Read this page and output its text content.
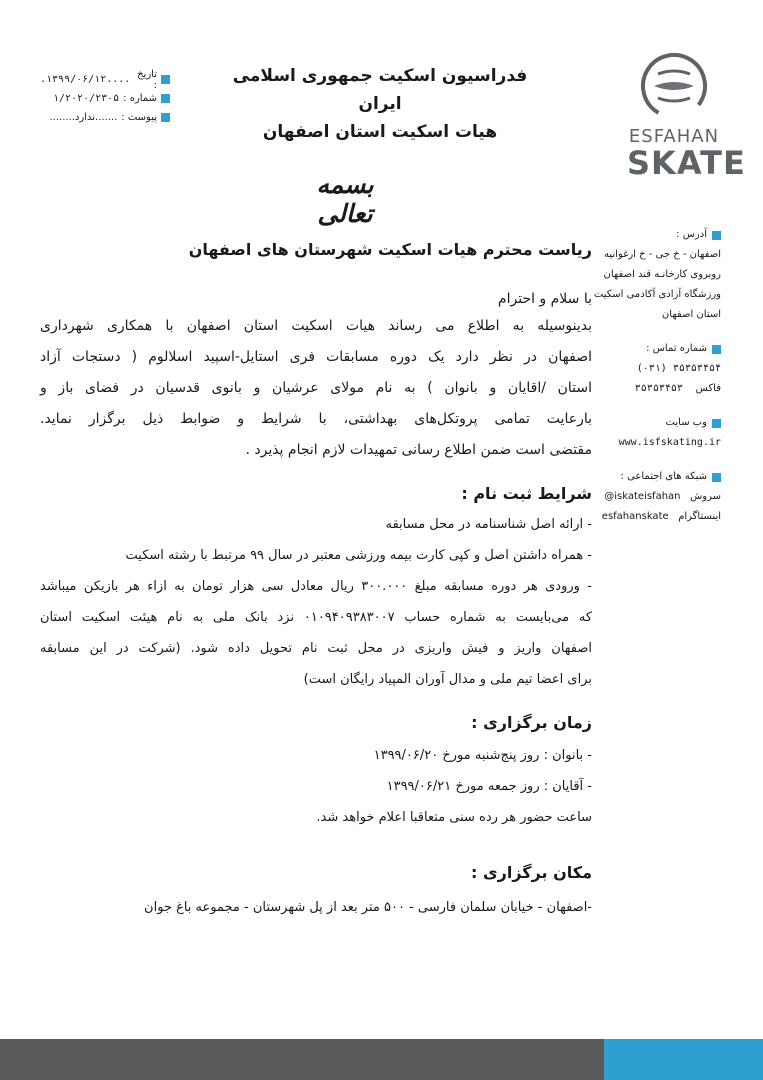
ESFAHAN
SKATE
فدراسیون اسکیت جمهوری اسلامی ایران
هیات اسکیت استان اصفهان
تاریخ :
.۱۳۹۹/۰۶/۱۲....
شماره :
۱/۲۰۲۰/۲۳۰۵
پیوست :
.......ندارد........
بسمه تعالی
آدرس :
اصفهان - خ جی - خ ارغوانیه
روبروی کارخانـه قند اصفهان
ورزشگاه آزادی آکادمی اسکیت
استان اصفهان
شماره تماس :
(۰۳۱) ۳۵۳۵۳۴۵۴
فاکس    ۳۵۳۵۳۴۵۳
وب سایت
www.isfskating.ir
شبکه های اجتماعی :
سروش   @iskateisfahan
اینستاگرام   esfahanskate

ریاست محترم هیات اسکیت شهرستان های اصفهان

با سلام و احترام

بدینوسیله به اطلاع می رساند هیات اسکیت استان اصفهان با همکاری شهرداری

اصفهان در نظر دارد یک دوره مسابقات فری استایل-اسپید اسلالوم ( دستجات آزاد

استان /اقایان و بانوان ) به نام مولای عرشیان و بانوی قدسیان در فضای باز و

بارعایت تمامی پروتکل‌های بهداشتی، با شرایط و ضوابط ذیل برگزار نماید.

مقتضی است ضمن اطلاع رسانی تمهیدات لازم انجام پذیرد .

شرایط ثبت نام :

- ارائه اصل شناسنامه در محل مسابقه

- همراه داشتن اصل و کپی کارت بیمه ورزشی معتبر در سال ۹۹ مرتبط با رشته اسکیت

- ورودی هر دوره مسابقه مبلغ ۳۰۰.۰۰۰ ریال معادل سی هزار تومان به ازاء هر بازیکن میباشد

که می‌بایست به شماره حساب ۰۱۰۹۴۰۹۳۸۳۰۰۷ نزد بانک ملی به نام هیئت اسکیت استان

اصفهان واریز و فیش واریزی در محل ثبت نام تحویل داده شود. (شرکت در این مسابقه

برای اعضا تیم ملی و مدال آوران المپیاد رایگان است)

زمان برگزاری :

- بانوان : روز پنج‌شنبه مورخ ۱۳۹۹/۰۶/۲۰

- آقایان : روز جمعه مورخ ۱۳۹۹/۰۶/۲۱

ساعت حضور هر رده سنی متعاقبا اعلام خواهد شد.

مکان برگزاری :

-اصفهان - خیابان سلمان فارسی - ۵۰۰ متر بعد از پل شهرستان - مجموعه باغ جوان
